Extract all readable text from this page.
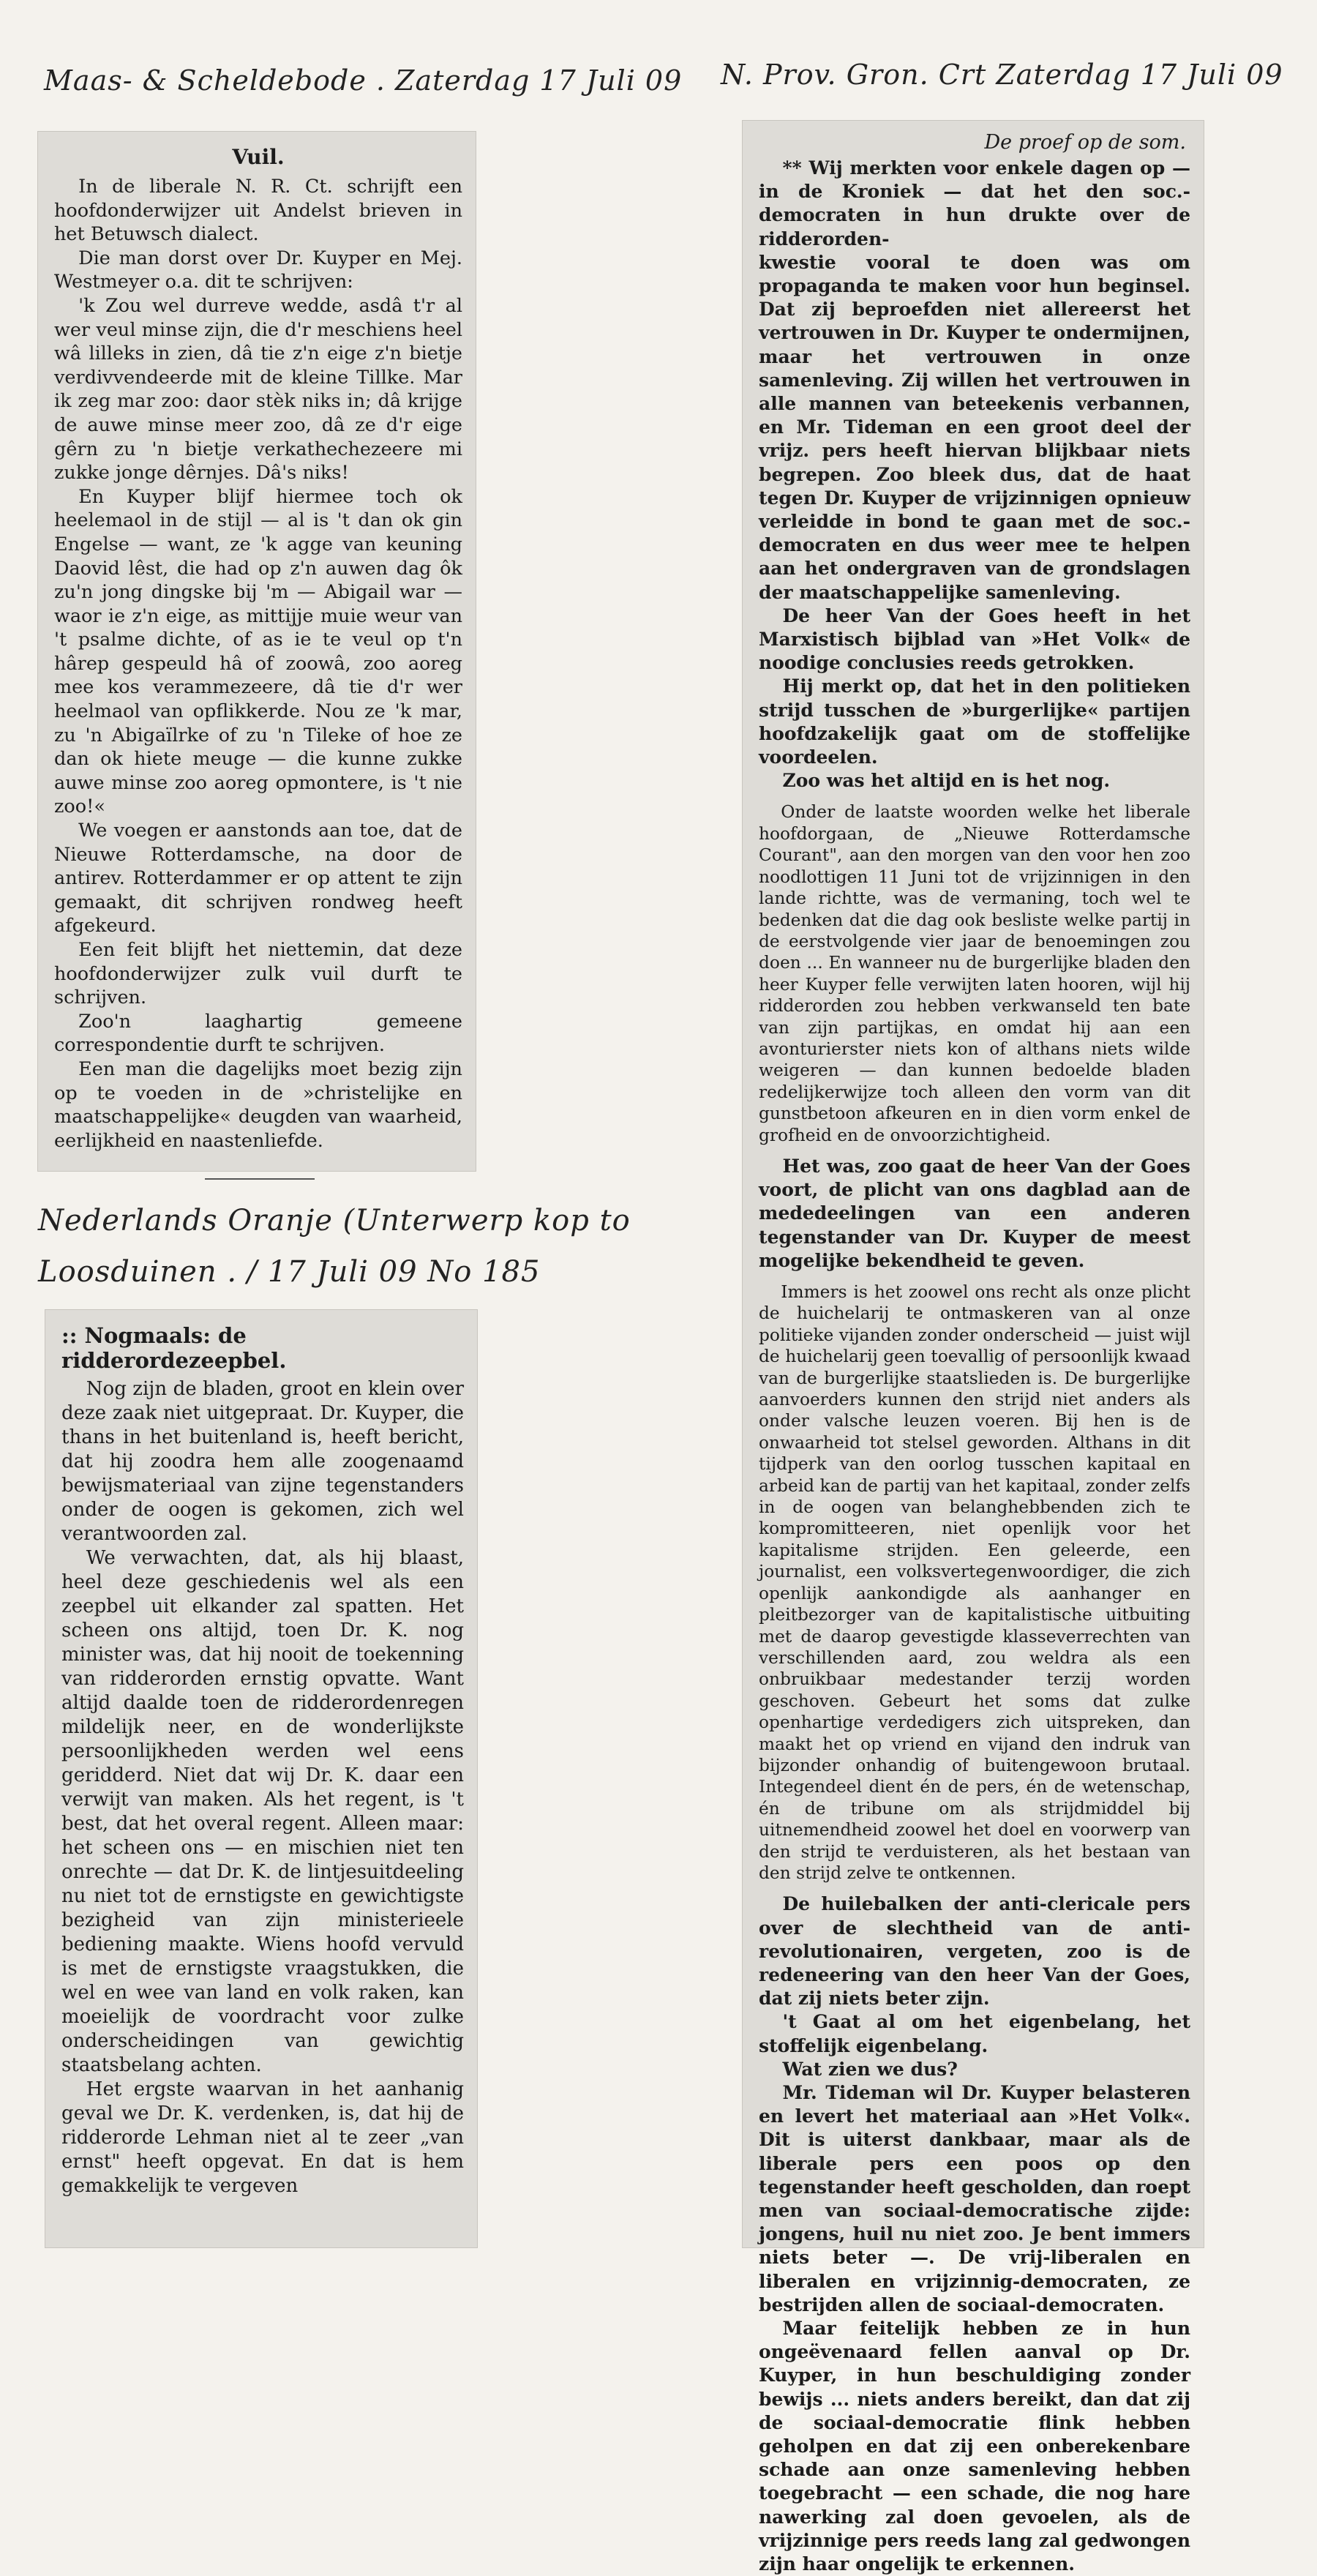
Maas- & Scheldebode . Zaterdag 17 Juli 09 N. Prov. Gron. Crt Zaterdag 17 Juli 09
Nederlands Oranje (Unterwerp kop to
Loosduinen . / 17 Juli 09 No 185
Vuil.

In de liberale N. R. Ct. schrijft een hoofdonderwijzer uit Andelst brieven in het Betuwsch dialect.

Die man dorst over Dr. Kuyper en Mej. Westmeyer o.a. dit te schrijven:

'k Zou wel durreve wedde, asdâ t'r al wer veul minse zijn, die d'r meschiens heel wâ lilleks in zien, dâ tie z'n eige z'n bietje verdivvendeerde mit de kleine Tillke. Mar ik zeg mar zoo: daor stèk niks in; dâ krijge de auwe minse meer zoo, dâ ze d'r eige gêrn zu 'n bietje verkathechezeere mi zukke jonge dêrnjes. Dâ's niks!

En Kuyper blijf hiermee toch ok heelemaol in de stijl — al is 't dan ok gin Engelse — want, ze 'k agge van keuning Daovid lêst, die had op z'n auwen dag ôk zu'n jong dingske bij 'm — Abigail war — waor ie z'n eige, as mittijje muie weur van 't psalme dichte, of as ie te veul op t'n hârep gespeuld hâ of zoowâ, zoo aoreg mee kos verammezeere, dâ tie d'r wer heelmaol van opflikkerde. Nou ze 'k mar, zu 'n Abigaïlrke of zu 'n Tileke of hoe ze dan ok hiete meuge — die kunne zukke auwe minse zoo aoreg opmontere, is 't nie zoo!«

We voegen er aanstonds aan toe, dat de Nieuwe Rotterdamsche, na door de antirev. Rotterdammer er op attent te zijn gemaakt, dit schrijven rondweg heeft afgekeurd.

Een feit blijft het niettemin, dat deze hoofdonderwijzer zulk vuil durft te schrijven.

Zoo'n laaghartig gemeene correspondentie durft te schrijven.

Een man die dagelijks moet bezig zijn op te voeden in de »christelijke en maatschappelijke« deugden van waarheid, eerlijkheid en naastenliefde.

:: Nogmaals: de ridderordezeepbel.

Nog zijn de bladen, groot en klein over deze zaak niet uitgepraat. Dr. Kuyper, die thans in het buitenland is, heeft bericht, dat hij zoodra hem alle zoogenaamd bewijsmateriaal van zijne tegenstanders onder de oogen is gekomen, zich wel verantwoorden zal.

We verwachten, dat, als hij blaast, heel deze geschiedenis wel als een zeepbel uit elkander zal spatten. Het scheen ons altijd, toen Dr. K. nog minister was, dat hij nooit de toekenning van ridderorden ernstig opvatte. Want altijd daalde toen de ridderordenregen mildelijk neer, en de wonderlijkste persoonlijkheden werden wel eens geridderd. Niet dat wij Dr. K. daar een verwijt van maken. Als het regent, is 't best, dat het overal regent. Alleen maar: het scheen ons — en mischien niet ten onrechte — dat Dr. K. de lintjesuitdeeling nu niet tot de ernstigste en gewichtigste bezigheid van zijn ministerieele bediening maakte. Wiens hoofd vervuld is met de ernstigste vraagstukken, die wel en wee van land en volk raken, kan moeielijk de voordracht voor zulke onderscheidingen van gewichtig staatsbelang achten.

Het ergste waarvan in het aanhanig geval we Dr. K. verdenken, is, dat hij de ridderorde Lehman niet al te zeer „van ernst" heeft opgevat. En dat is hem gemakkelijk te vergeven

De proef op de som.

** Wij merkten voor enkele dagen op — in de Kroniek — dat het den soc.-democraten in hun drukte over de ridderorden-

kwestie vooral te doen was om propaganda te maken voor hun beginsel. Dat zij beproefden niet allereerst het vertrouwen in Dr. Kuyper te ondermijnen, maar het vertrouwen in onze samenleving. Zij willen het vertrouwen in alle mannen van beteekenis verbannen, en Mr. Tideman en een groot deel der vrijz. pers heeft hiervan blijkbaar niets begrepen. Zoo bleek dus, dat de haat tegen Dr. Kuyper de vrijzinnigen opnieuw verleidde in bond te gaan met de soc.-democraten en dus weer mee te helpen aan het ondergraven van de grondslagen der maatschappelijke samenleving.

De heer Van der Goes heeft in het Marxistisch bijblad van »Het Volk« de noodige conclusies reeds getrokken.

Hij merkt op, dat het in den politieken strijd tusschen de »burgerlijke« partijen hoofdzakelijk gaat om de stoffelijke voordeelen.

Zoo was het altijd en is het nog.

Onder de laatste woorden welke het liberale hoofdorgaan, de „Nieuwe Rotterdamsche Courant", aan den morgen van den voor hen zoo noodlottigen 11 Juni tot de vrijzinnigen in den lande richtte, was de vermaning, toch wel te bedenken dat die dag ook besliste welke partij in de eerstvolgende vier jaar de benoemingen zou doen ... En wanneer nu de burgerlijke bladen den heer Kuyper felle verwijten laten hooren, wijl hij ridderorden zou hebben verkwanseld ten bate van zijn partijkas, en omdat hij aan een avonturierster niets kon of althans niets wilde weigeren — dan kunnen bedoelde bladen redelijkerwijze toch alleen den vorm van dit gunstbetoon afkeuren en in dien vorm enkel de grofheid en de onvoorzichtigheid.

Het was, zoo gaat de heer Van der Goes voort, de plicht van ons dagblad aan de mededeelingen van een anderen tegenstander van Dr. Kuyper de meest mogelijke bekendheid te geven.

Immers is het zoowel ons recht als onze plicht de huichelarij te ontmaskeren van al onze politieke vijanden zonder onderscheid — juist wijl de huichelarij geen toevallig of persoonlijk kwaad van de burgerlijke staatslieden is. De burgerlijke aanvoerders kunnen den strijd niet anders als onder valsche leuzen voeren. Bij hen is de onwaarheid tot stelsel geworden. Althans in dit tijdperk van den oorlog tusschen kapitaal en arbeid kan de partij van het kapitaal, zonder zelfs in de oogen van belanghebbenden zich te kompromitteeren, niet openlijk voor het kapitalisme strijden. Een geleerde, een journalist, een volksvertegenwoordiger, die zich openlijk aankondigde als aanhanger en pleitbezorger van de kapitalistische uitbuiting met de daarop gevestigde klasseverrechten van verschillenden aard, zou weldra als een onbruikbaar medestander terzij worden geschoven. Gebeurt het soms dat zulke openhartige verdedigers zich uitspreken, dan maakt het op vriend en vijand den indruk van bijzonder onhandig of buitengewoon brutaal. Integendeel dient én de pers, én de wetenschap, én de tribune om als strijdmiddel bij uitnemendheid zoowel het doel en voorwerp van den strijd te verduisteren, als het bestaan van den strijd zelve te ontkennen.

De huilebalken der anti-clericale pers over de slechtheid van de anti-revolutionairen, vergeten, zoo is de redeneering van den heer Van der Goes, dat zij niets beter zijn.

't Gaat al om het eigenbelang, het stoffelijk eigenbelang.

Wat zien we dus?

Mr. Tideman wil Dr. Kuyper belasteren en levert het materiaal aan »Het Volk«. Dit is uiterst dankbaar, maar als de liberale pers een poos op den tegenstander heeft gescholden, dan roept men van sociaal-democratische zijde: jongens, huil nu niet zoo. Je bent immers niets beter —. De vrij-liberalen en liberalen en vrijzinnig-democraten, ze bestrijden allen de sociaal-democraten.

Maar feitelijk hebben ze in hun ongeëvenaard fellen aanval op Dr. Kuyper, in hun beschuldiging zonder bewijs ... niets anders bereikt, dan dat zij de sociaal-democratie flink hebben geholpen en dat zij een onberekenbare schade aan onze samenleving hebben toegebracht — een schade, die nog hare nawerking zal doen gevoelen, als de vrijzinnige pers reeds lang zal gedwongen zijn haar ongelijk te erkennen.
